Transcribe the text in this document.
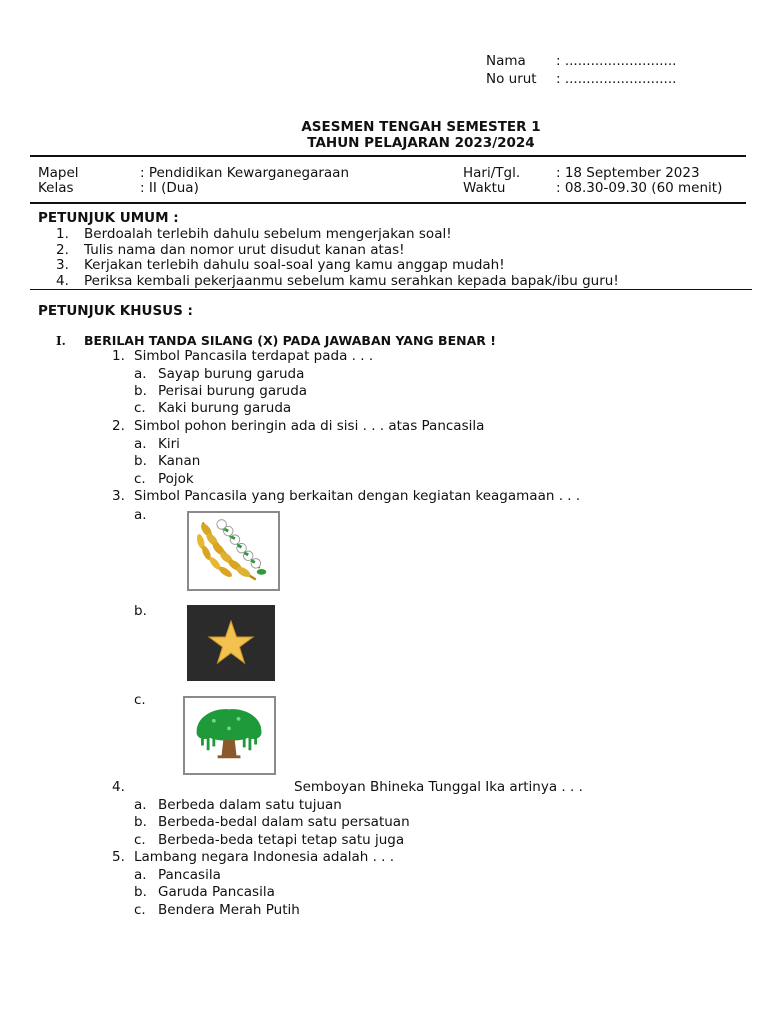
Nama : ..........................
No urut : ..........................
ASESMEN TENGAH SEMESTER 1
TAHUN PELAJARAN 2023/2024
Mapel	: Pendidikan Kewarganegaraan
Kelas	: II (Dua)
Hari/Tgl.	: 18 September 2023
Waktu	: 08.30-09.30 (60 menit)
PETUNJUK UMUM :
1. Berdoalah terlebih dahulu sebelum mengerjakan soal!
2. Tulis nama dan nomor urut disudut kanan atas!
3. Kerjakan terlebih dahulu soal-soal yang kamu anggap mudah!
4. Periksa kembali pekerjaanmu sebelum kamu serahkan kepada bapak/ibu guru!
PETUNJUK KHUSUS :
I. BERILAH TANDA SILANG (X) PADA JAWABAN YANG BENAR !
1. Simbol Pancasila terdapat pada . . .
a. Sayap burung garuda
b. Perisai burung garuda
c. Kaki burung garuda
2. Simbol pohon beringin ada di sisi . . . atas Pancasila
a. Kiri
b. Kanan
c. Pojok
3. Simbol Pancasila yang berkaitan dengan kegiatan keagamaan . . .
a.
b.
c.
4.	Semboyan Bhineka Tunggal Ika artinya . . .
a. Berbeda dalam satu tujuan
b. Berbeda-bedal dalam satu persatuan
c. Berbeda-beda tetapi tetap satu juga
5. Lambang negara Indonesia adalah . . .
a. Pancasila
b. Garuda Pancasila
c. Bendera Merah Putih
